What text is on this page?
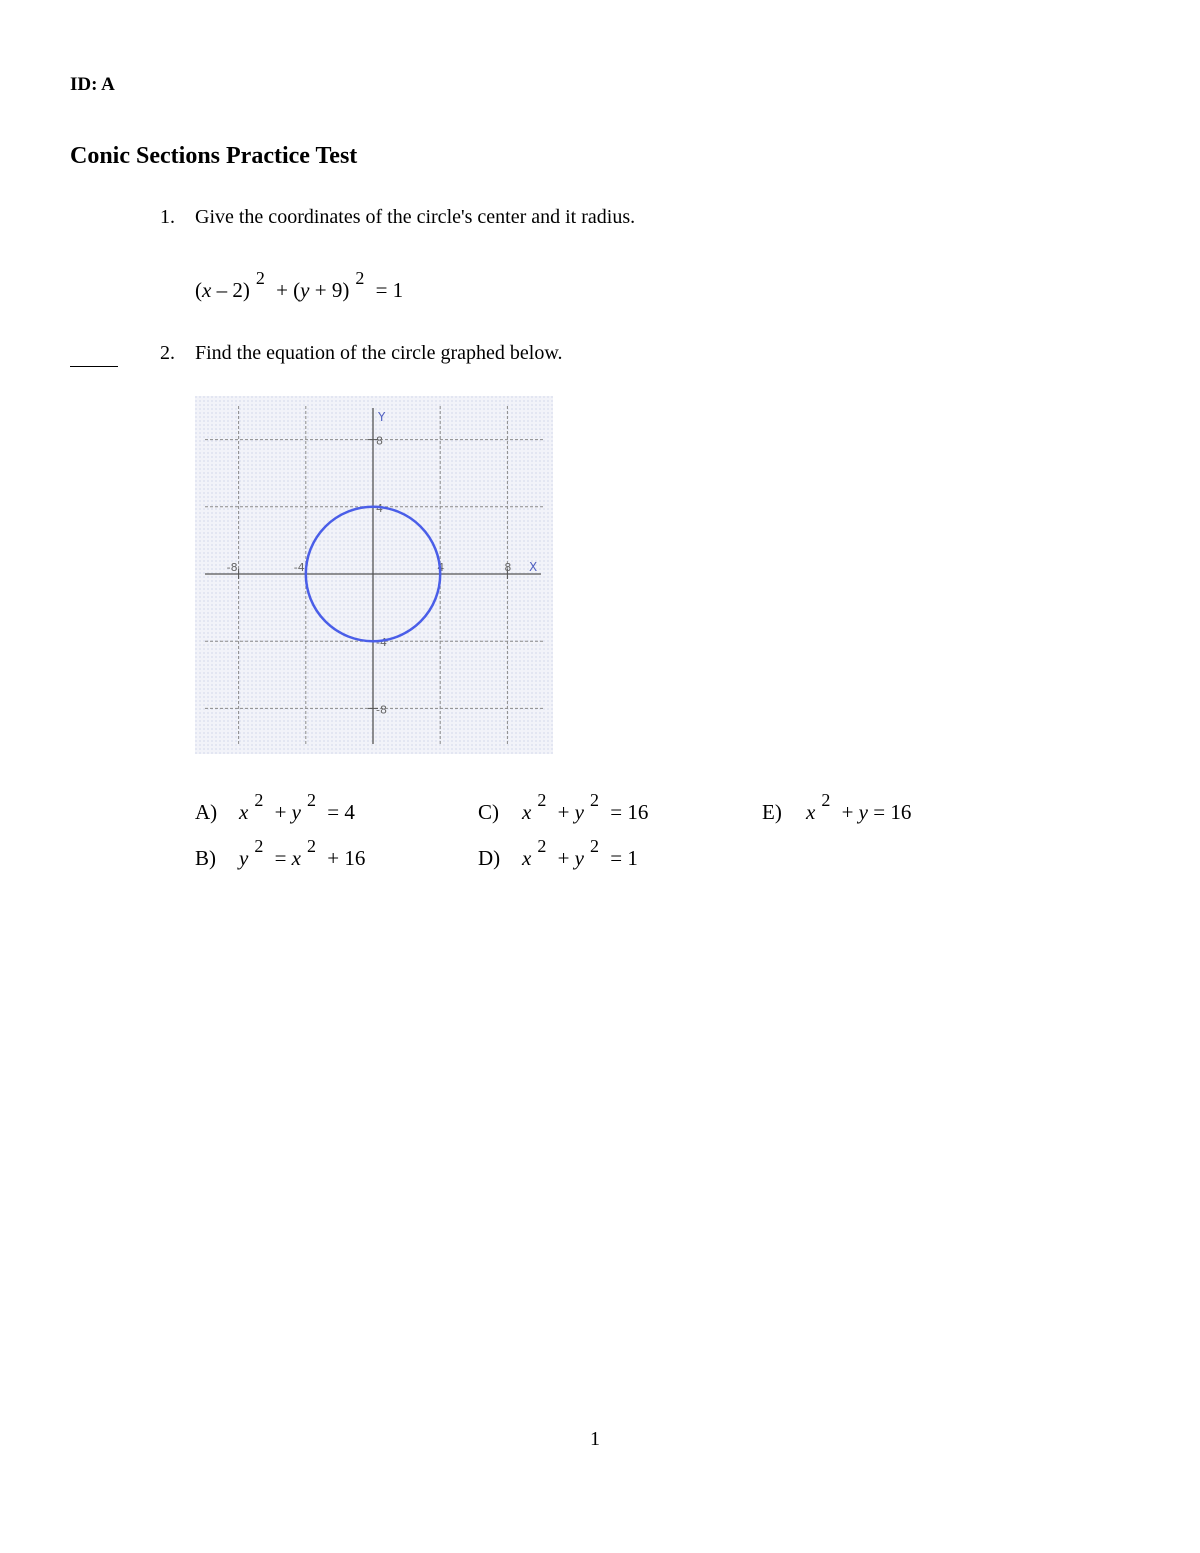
ID: A
Conic Sections Practice Test
1. Give the coordinates of the circle's center and it radius.
(x – 2) 2 + (y + 9) 2 = 1
2. Find the equation of the circle graphed below.
X
Y
-8	-4	4	8
8
4
-4
-8
A) x 2 + y 2 = 4
B) y 2 = x 2 + 16
C) x 2 + y 2 = 16
D) x 2 + y 2 = 1
E) x 2 + y = 16
1
